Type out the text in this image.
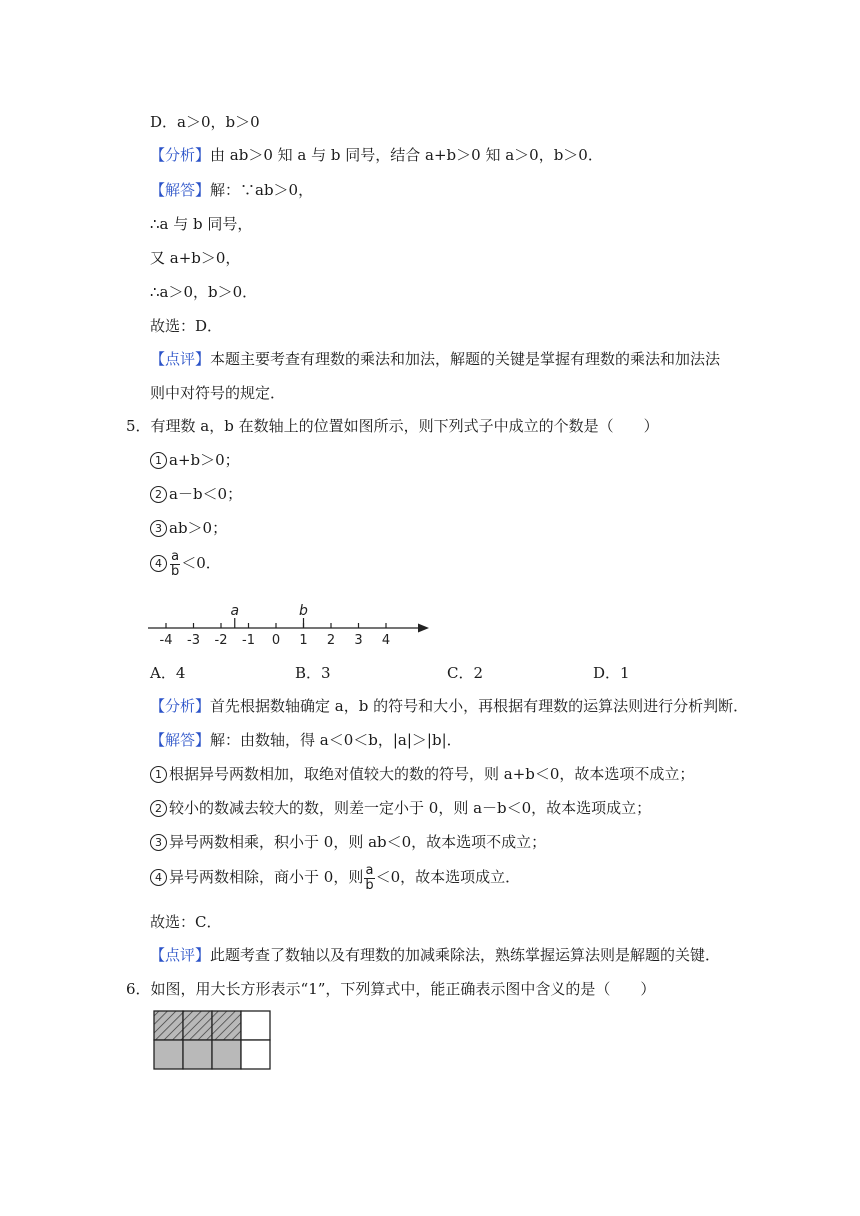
D．a＞0，b＞0
【分析】由 ab＞0 知 a 与 b 同号，结合 a+b＞0 知 a＞0，b＞0．
【解答】解：∵ab＞0，
∴a 与 b 同号，
又 a+b＞0，
∴a＞0，b＞0．
故选：D．
【点评】本题主要考查有理数的乘法和加法，解题的关键是掌握有理数的乘法和加法法
则中对符号的规定．
5．有理数 a，b 在数轴上的位置如图所示，则下列式子中成立的个数是（　　）
1 a+b＞0；
2 a－b＜0；
3 ab＞0；
$4 \frac{a}{b} <0$．
-4 -3 -2 -1 0 1 2 3 4
a	b
A．4	B．3	C．2	D．1
【分析】首先根据数轴确定 a，b 的符号和大小，再根据有理数的运算法则进行分析判断．
【解答】解：由数轴，得 a＜0＜b，|a|＞|b|．
1 根据异号两数相加，取绝对值较大的数的符号，则 a+b＜0，故本选项不成立；
2 较小的数减去较大的数，则差一定小于 0，则 a－b＜0，故本选项成立；
3 异号两数相乘，积小于 0，则 ab＜0，故本选项不成立；
4 异号两数相除，商小于 0，则 $\frac{a}{b} <0$，故本选项成立．
故选：C．
【点评】此题考查了数轴以及有理数的加减乘除法，熟练掌握运算法则是解题的关键．
6．如图，用大长方形表示“1”，下列算式中，能正确表示图中含义的是（　　）
